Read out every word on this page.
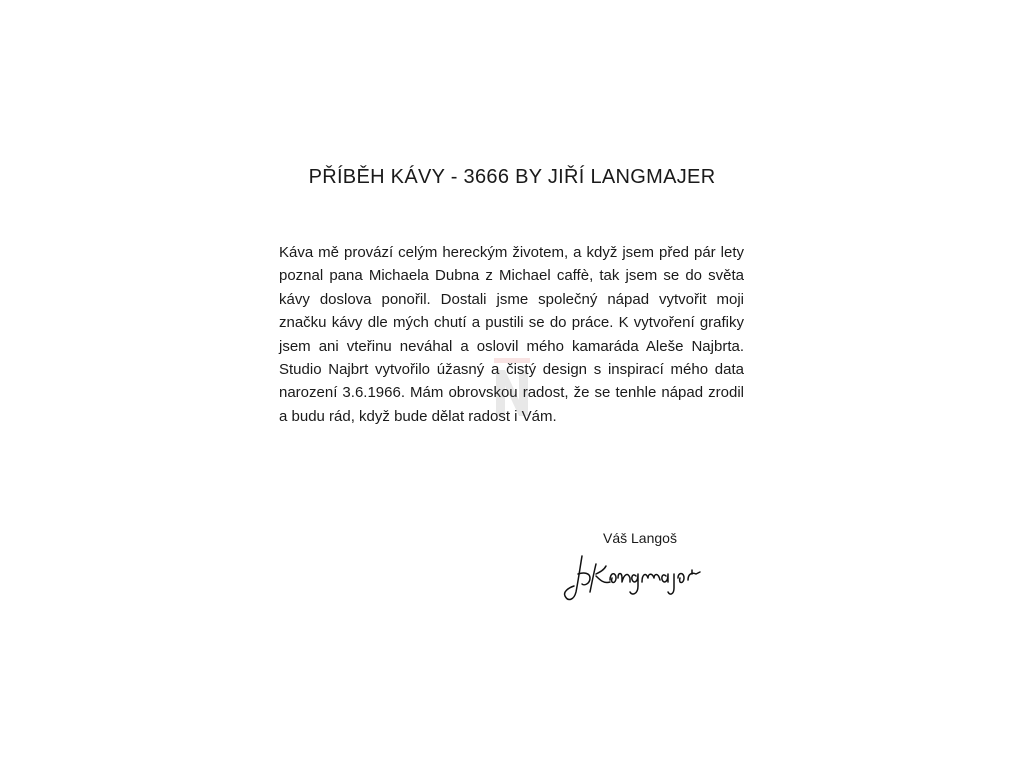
PŘÍBĚH KÁVY - 3666 BY JIŘÍ LANGMAJER

Káva mě provází celým hereckým životem, a když jsem před pár lety poznal pana Michaela Dubna z Michael caffè, tak jsem se do světa kávy doslova ponořil. Dostali jsme společný nápad vytvořit moji značku kávy dle mých chutí a pustili se do práce. K vytvoření grafiky jsem ani vteřinu neváhal a oslovil mého kamaráda Aleše Najbrta. Studio Najbrt vytvořilo úžasný a čistý design s inspirací mého data narození 3.6.1966. Mám obrovskou radost, že se tenhle nápad zrodil a budu rád, když bude dělat radost i Vám.

Váš Langoš
